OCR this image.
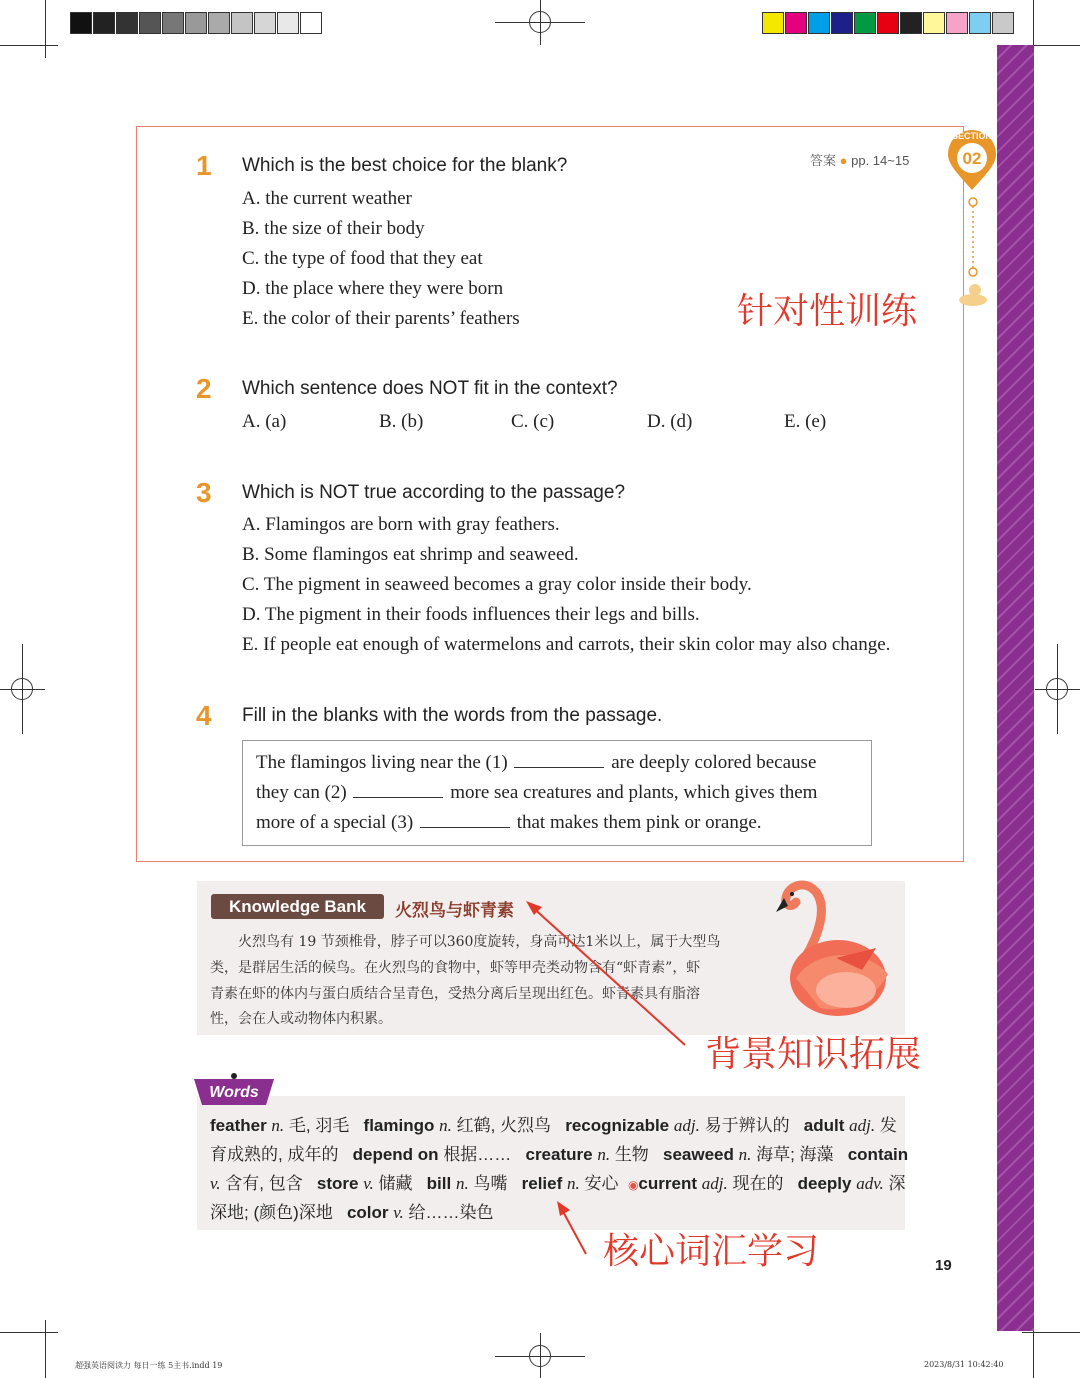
答案 ● pp. 14~15	02
SECTION
1 Which is the best choice for the blank?
A. the current weather
B. the size of their body
C. the type of food that they eat
D. the place where they were born
E. the color of their parents’ feathers
2 Which sentence does NOT fit in the context?
A. (a)	B. (b)	C. (c)	D. (d)	E. (e)
3 Which is NOT true according to the passage?
A. Flamingos are born with gray feathers.
B. Some flamingos eat shrimp and seaweed.
C. The pigment in seaweed becomes a gray color inside their body.
D. The pigment in their foods influences their legs and bills.
E. If people eat enough of watermelons and carrots, their skin color may also change.
4 Fill in the blanks with the words from the passage.
The flamingos living near the (1)	are deeply colored because
they can (2)	more sea creatures and plants, which gives them
more of a special (3)	that makes them pink or orange.
针对性训练
Knowledge Bank	火烈鸟与虾青素
火烈鸟有 19 节颈椎骨，脖子可以360度旋转，身高可达1米以上，属于大型鸟
类，是群居生活的候鸟。在火烈鸟的食物中，虾等甲壳类动物含有“虾青素”，虾
青素在虾的体内与蛋白质结合呈青色，受热分离后呈现出红色。虾青素具有脂溶
性，会在人或动物体内积累。
Words
feather n. 毛, 羽毛 flamingo n. 红鹤, 火烈鸟 recognizable adj. 易于辨认的 adult adj. 发
育成熟的, 成年的 depend on 根据…… creature n. 生物 seaweed n. 海草; 海藻 contain
v. 含有, 包含 store v. 储藏 bill n. 鸟嘴 relief n. 安心 ◉current adj. 现在的 deeply adv. 深
深地; (颜色)深地 color v. 给……染色
背景知识拓展
核心词汇学习	19
超强英语阅读力 每日一练 5主书.indd 19	2023/8/31 10:42:40
